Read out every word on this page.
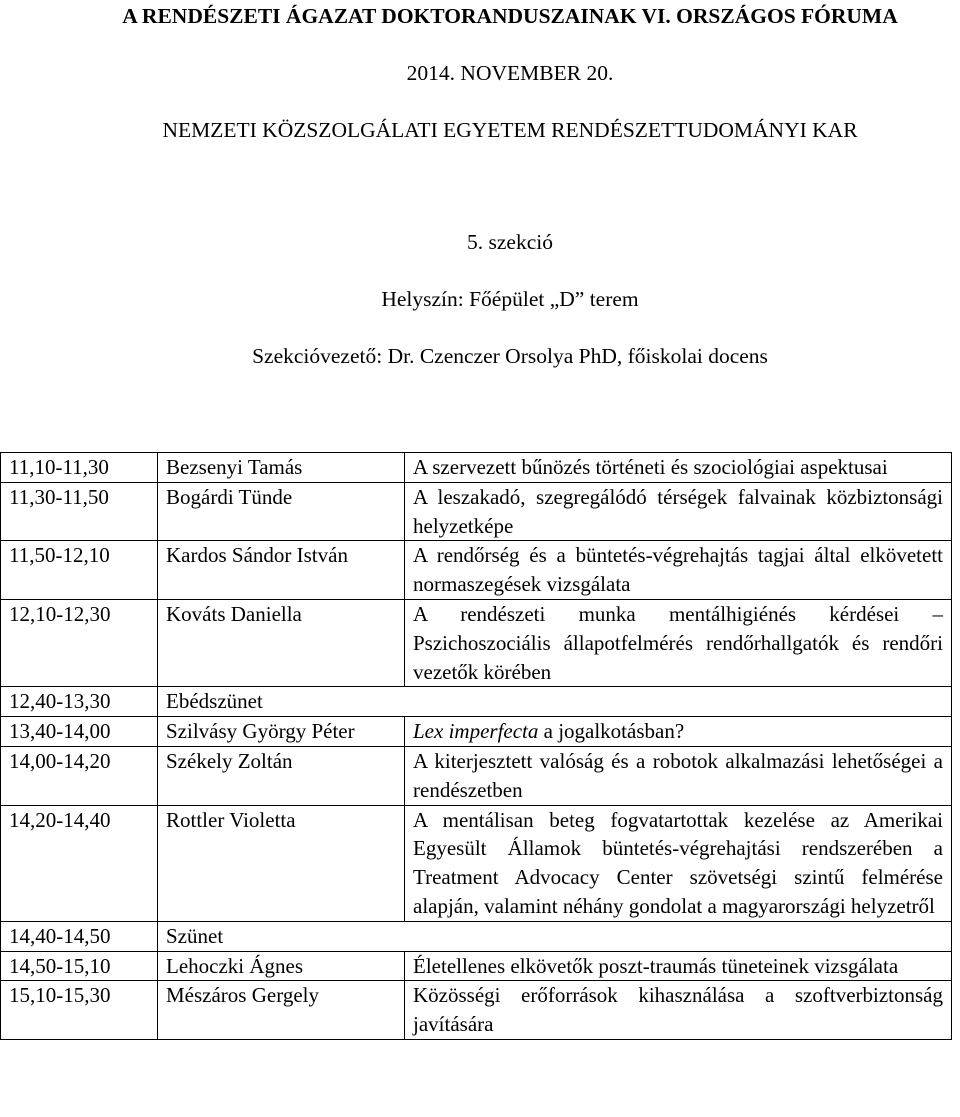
A RENDÉSZETI ÁGAZAT DOKTORANDUSZAINAK VI. ORSZÁGOS FÓRUMA
2014. NOVEMBER 20.
NEMZETI KÖZSZOLGÁLATI EGYETEM RENDÉSZETTUDOMÁNYI KAR
5. szekció
Helyszín: Főépület „D” terem
Szekcióvezető: Dr. Czenczer Orsolya PhD, főiskolai docens
11,10-11,30	Bezsenyi Tamás	A szervezett bűnözés történeti és szociológiai aspektusai
11,30-11,50	Bogárdi Tünde	A leszakadó, szegregálódó térségek falvainak közbiztonsági helyzetképe
11,50-12,10	Kardos Sándor István	A rendőrség és a büntetés-végrehajtás tagjai által elkövetett normaszegések vizsgálata
12,10-12,30	Kováts Daniella	A rendészeti munka mentálhigiénés kérdései – Pszichoszociális állapotfelmérés rendőrhallgatók és rendőri vezetők körében
12,40-13,30	Ebédszünet	
13,40-14,00	Szilvásy György Péter	Lex imperfecta a jogalkotásban?
14,00-14,20	Székely Zoltán	A kiterjesztett valóság és a robotok alkalmazási lehetőségei a rendészetben
14,20-14,40	Rottler Violetta	A mentálisan beteg fogvatartottak kezelése az Amerikai Egyesült Államok büntetés-végrehajtási rendszerében a Treatment Advocacy Center szövetségi szintű felmérése alapján, valamint néhány gondolat a magyarországi helyzetről
14,40-14,50	Szünet	
14,50-15,10	Lehoczki Ágnes	Életellenes elkövetők poszt-traumás tüneteinek vizsgálata
15,10-15,30	Mészáros Gergely	Közösségi erőforrások kihasználása a szoftverbiztonság javítására
